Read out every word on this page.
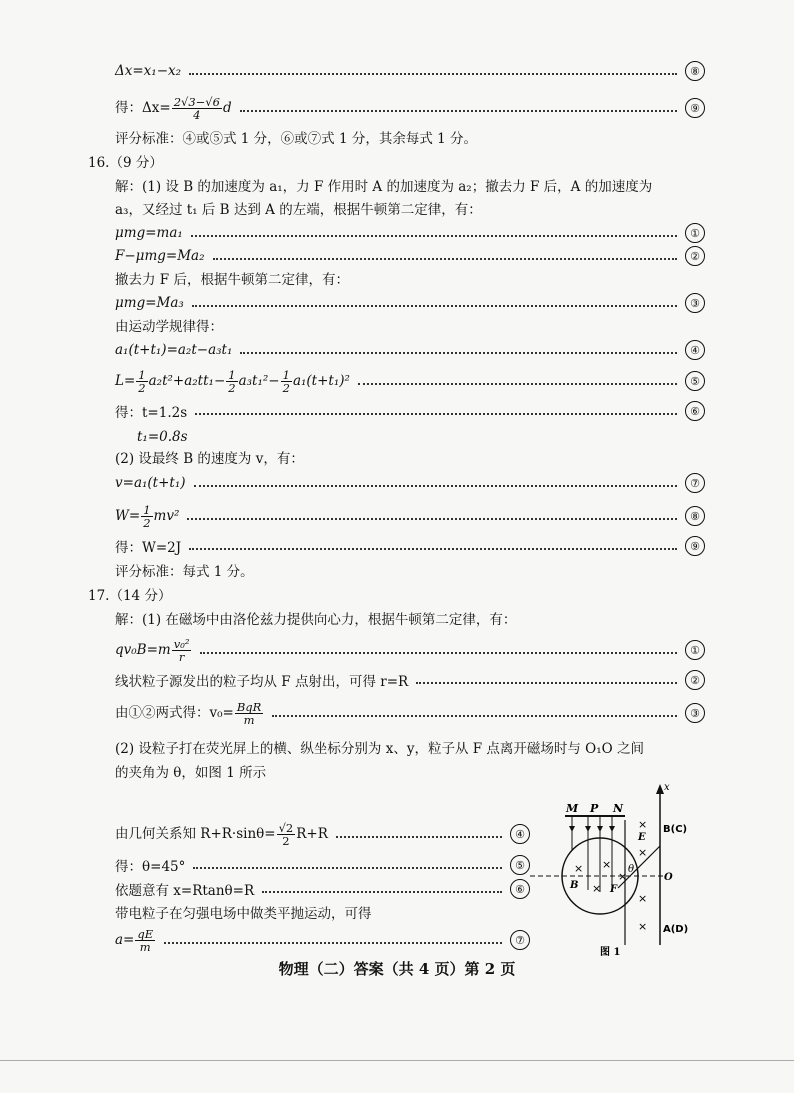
Δx=x₁−x₂	⑧
得：$\Delta x= \frac{2√3-√6}{4}$ d	⑨
评分标准：④或⑤式 1 分，⑥或⑦式 1 分，其余每式 1 分。
16.（9 分）
解：(1) 设 B 的加速度为 a₁，力 F 作用时 A 的加速度为 a₂；撤去力 F 后，A 的加速度为
a₃，又经过 t₁ 后 B 达到 A 的左端，根据牛顿第二定律，有：
μmg=ma₁	①
F−μmg=Ma₂	②
撤去力 F 后，根据牛顿第二定律，有：
μmg=Ma₃	③
由运动学规律得：
a₁(t+t₁)=a₂t−a₃t₁	④
$L= \frac{1}{2} a_2t^2+a_2tt_1- \frac{1}{2} a_3t_1^2- \frac{1}{2} a_1(t+t_1)^2$	⑤
得：t=1.2s	⑥
t₁=0.8s
(2) 设最终 B 的速度为 v，有：
v=a₁(t+t₁)	⑦
$W= \frac{1}{2} mv^2$	⑧
得：W=2J	⑨
评分标准：每式 1 分。
17.（14 分）
解：(1) 在磁场中由洛伦兹力提供向心力，根据牛顿第二定律，有：
$qv_0B=m \frac{\text{v₀²}}{r}$	①
线状粒子源发出的粒子均从 F 点射出，可得 r=R	②
由①②两式得：$v_0= \frac{\text{BqR}}{m}$	③
(2) 设粒子打在荧光屏上的横、纵坐标分别为 x、y，粒子从 F 点离开磁场时与 O₁O 之间
的夹角为 θ，如图 1 所示
由几何关系知 $R+R\cdot\sin\theta= \frac{√2}{2} R+R$	④
得：θ=45°	⑤
依题意有 x=Rtanθ=R	⑥
带电粒子在匀强电场中做类平抛运动，可得
$a= \frac{qE}{m}$	⑦
×
×
×
×
× ×
×
×
M P N
x
B(C)
E
θ
O
B	F
A(D)
图 1
物理（二）答案（共 4 页）第 2 页
